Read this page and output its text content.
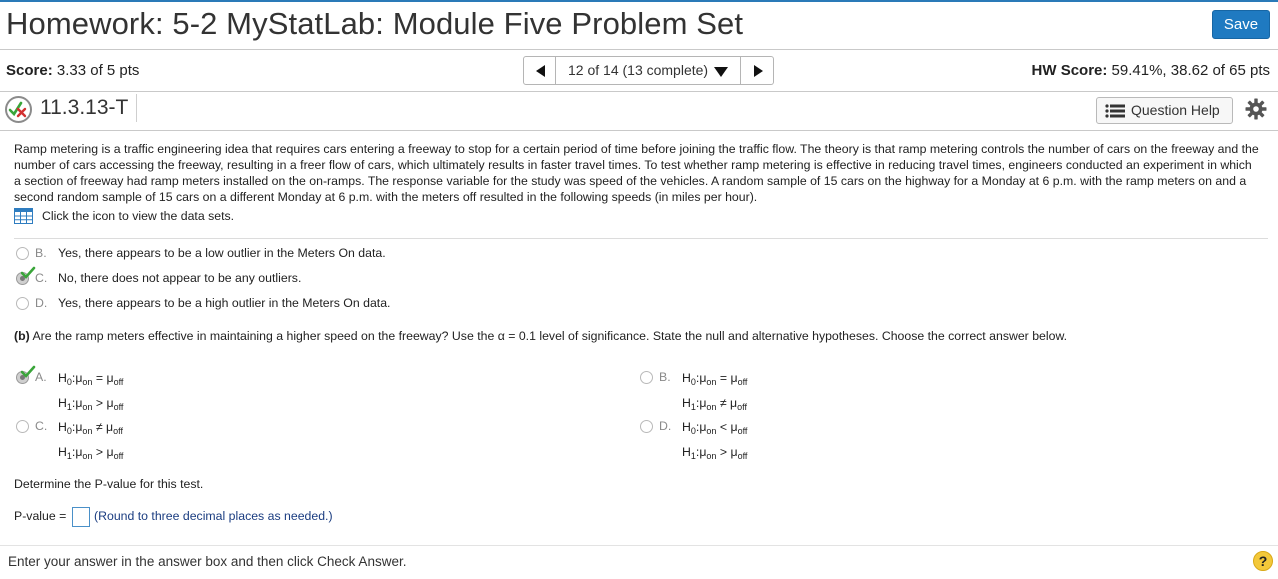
Homework: 5-2 MyStatLab: Module Five Problem Set	Save
Score: 3.33 of 5 pts	12 of 14 (13 complete)	HW Score: 59.41%, 38.62 of 65 pts
11.3.13-T	Question Help
Ramp metering is a traffic engineering idea that requires cars entering a freeway to stop for a certain period of time before joining the traffic flow. The theory is that ramp metering controls the number of cars on the freeway and the number of cars accessing the freeway, resulting in a freer flow of cars, which ultimately results in faster travel times. To test whether ramp metering is effective in reducing travel times, engineers conducted an experiment in which a section of freeway had ramp meters installed on the on-ramps. The response variable for the study was speed of the vehicles. A random sample of 15 cars on the highway for a Monday at 6 p.m. with the ramp meters on and a second random sample of 15 cars on a different Monday at 6 p.m. with the meters off resulted in the following speeds (in miles per hour).
Click the icon to view the data sets.
B. Yes, there appears to be a low outlier in the Meters On data.
C. No, there does not appear to be any outliers.
D. Yes, there appears to be a high outlier in the Meters On data.
(b) Are the ramp meters effective in maintaining a higher speed on the freeway? Use the α = 0.1 level of significance. State the null and alternative hypotheses. Choose the correct answer below.
A. $H_0:\mu_{on} = \mu_{off}$
$H_1:\mu_{on} > \mu_{off}$
B. $H_0:\mu_{on} = \mu_{off}$
$H_1:\mu_{on} \ne \mu_{off}$
C. $H_0:\mu_{on} \ne \mu_{off}$
$H_1:\mu_{on} > \mu_{off}$
D. $H_0:\mu_{on} < \mu_{off}$
$H_1:\mu_{on} > \mu_{off}$
Determine the P-value for this test.
P-value = (Round to three decimal places as needed.)
Enter your answer in the answer box and then click Check Answer.	?
